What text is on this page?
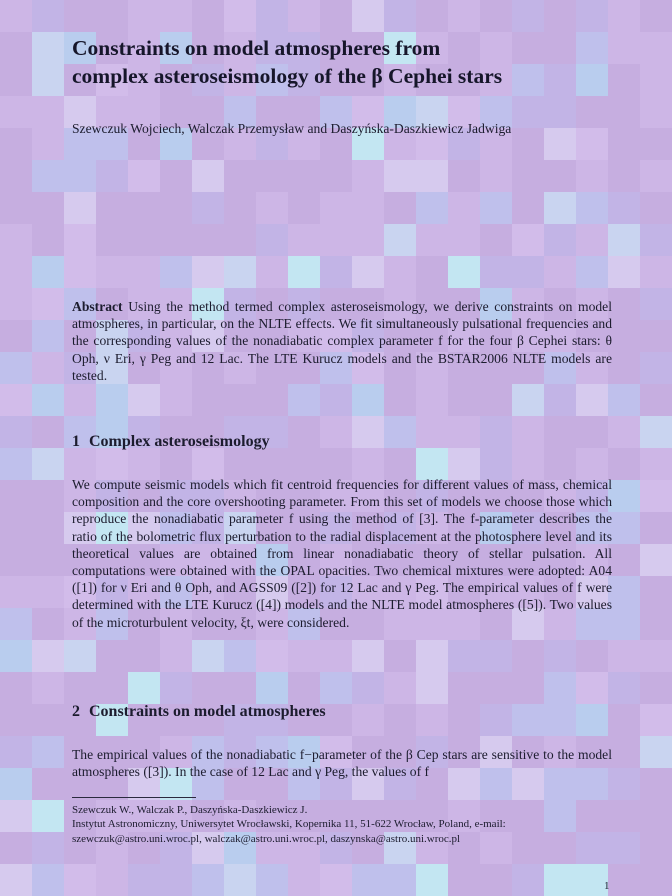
Constraints on model atmospheres from
complex asteroseismology of the β Cephei stars

Szewczuk Wojciech, Walczak Przemysław and Daszyńska-Daszkiewicz Jadwiga

Abstract Using the method termed complex asteroseismology, we derive constraints on model atmospheres, in particular, on the NLTE effects. We fit simultaneously pulsational frequencies and the corresponding values of the nonadiabatic complex parameter f for the four β Cephei stars: θ Oph, ν Eri, γ Peg and 12 Lac. The LTE Kurucz models and the BSTAR2006 NLTE models are tested.

1 Complex asteroseismology

We compute seismic models which fit centroid frequencies for different values of mass, chemical composition and the core overshooting parameter. From this set of models we choose those which reproduce the nonadiabatic parameter f using the method of [3]. The f-parameter describes the ratio of the bolometric flux perturbation to the radial displacement at the photosphere level and its theoretical values are obtained from linear nonadiabatic theory of stellar pulsation. All computations were obtained with the OPAL opacities. Two chemical mixtures were adopted: A04 ([1]) for ν Eri and θ Oph, and AGSS09 ([2]) for 12 Lac and γ Peg. The empirical values of f were determined with the LTE Kurucz ([4]) models and the NLTE model atmospheres ([5]). Two values of the microturbulent velocity, ξt, were considered.

2 Constraints on model atmospheres

The empirical values of the nonadiabatic f−parameter of the β Cep stars are sensitive to the model atmospheres ([3]). In the case of 12 Lac and γ Peg, the values of f

Szewczuk W., Walczak P., Daszyńska-Daszkiewicz J.
Instytut Astronomiczny, Uniwersytet Wrocławski, Kopernika 11, 51-622 Wrocław, Poland, e-mail:
szewczuk@astro.uni.wroc.pl, walczak@astro.uni.wroc.pl, daszynska@astro.uni.wroc.pl
1
